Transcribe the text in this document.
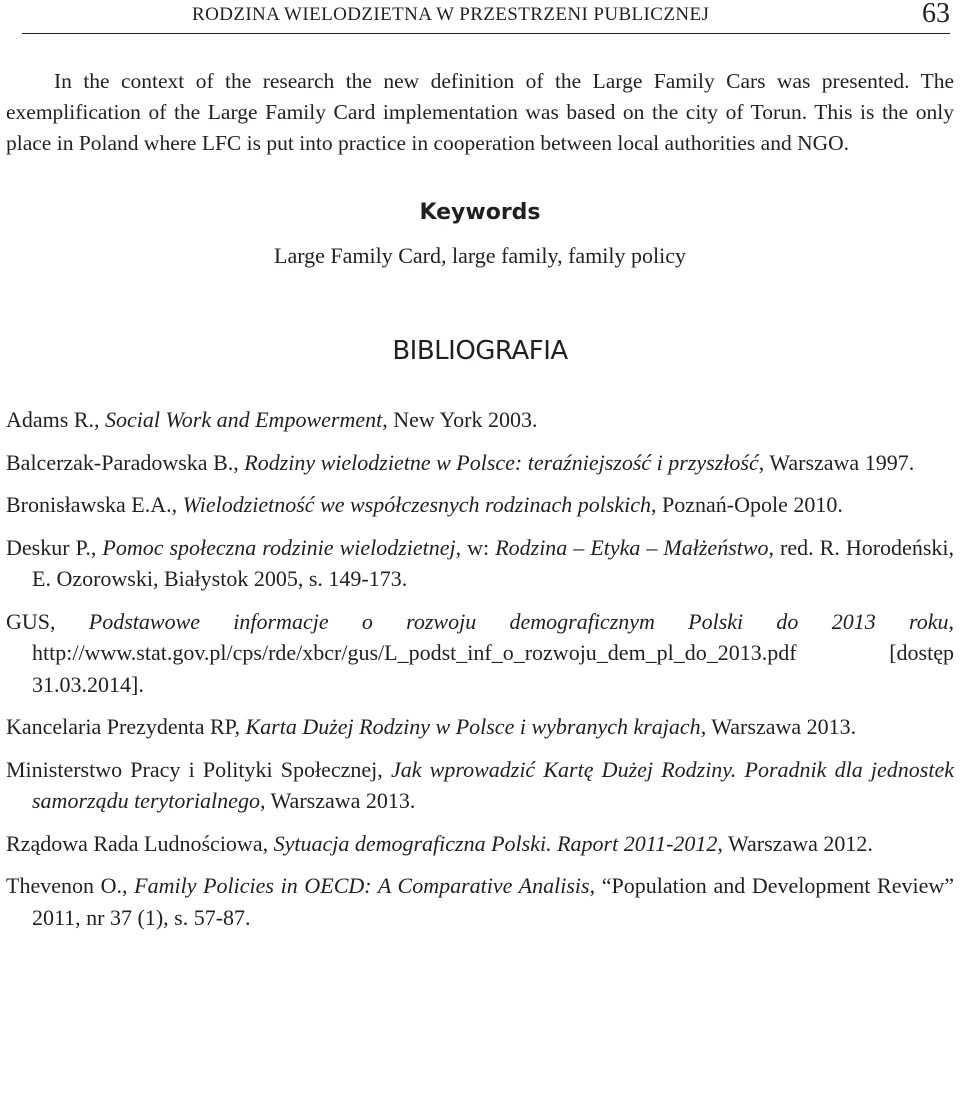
RODZINA WIELODZIETNA W PRZESTRZENI PUBLICZNEJ	63

In the context of the research the new definition of the Large Family Cars was presented. The exemplification of the Large Family Card implementation was based on the city of Torun. This is the only place in Poland where LFC is put into practice in cooperation between local authorities and NGO.

Keywords

Large Family Card, large family, family policy

BIBLIOGRAFIA
Adams R., Social Work and Empowerment, New York 2003.
Balcerzak-Paradowska B., Rodziny wielodzietne w Polsce: teraźniejszość i przyszłość, Warszawa 1997.
Bronisławska E.A., Wielodzietność we współczesnych rodzinach polskich, Poznań-Opole 2010.
Deskur P., Pomoc społeczna rodzinie wielodzietnej, w: Rodzina – Etyka – Małżeństwo, red. R. Horodeński, E. Ozorowski, Białystok 2005, s. 149-173.
GUS, Podstawowe informacje o rozwoju demograficznym Polski do 2013 roku, http://www.stat.gov.pl/cps/rde/xbcr/gus/L_podst_inf_o_rozwoju_dem_pl_do_2013.pdf [dostęp 31.03.2014].
Kancelaria Prezydenta RP, Karta Dużej Rodziny w Polsce i wybranych krajach, Warszawa 2013.
Ministerstwo Pracy i Polityki Społecznej, Jak wprowadzić Kartę Dużej Rodziny. Poradnik dla jednostek samorządu terytorialnego, Warszawa 2013.
Rządowa Rada Ludnościowa, Sytuacja demograficzna Polski. Raport 2011-2012, Warszawa 2012.
Thevenon O., Family Policies in OECD: A Comparative Analisis, “Population and Development Review” 2011, nr 37 (1), s. 57-87.
